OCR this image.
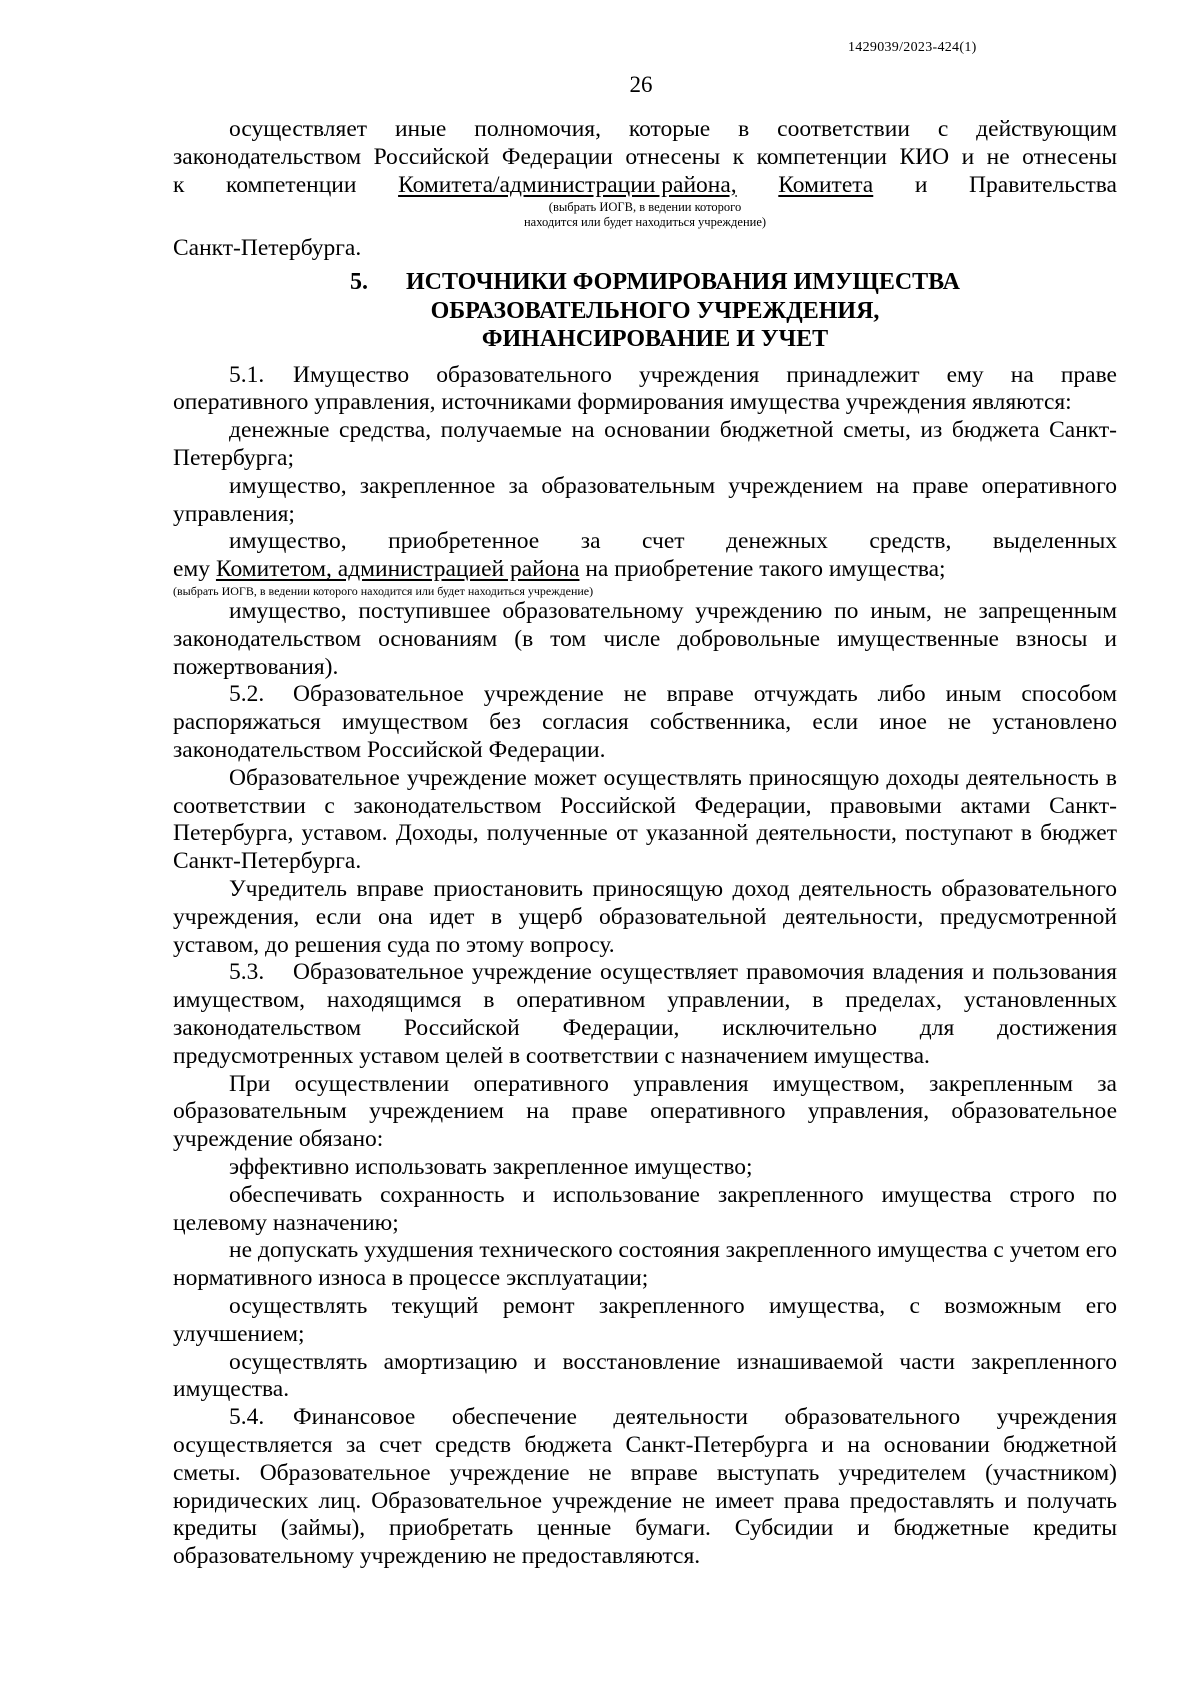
1429039/2023-424(1)
26

осуществляет иные полномочия, которые в соответствии с действующим законодательством Российской Федерации отнесены к компетенции КИО и не отнесены

к компетенции Комитета/администрации района, Комитета и Правительства
(выбрать ИОГВ, в ведении которого
находится или будет находиться учреждение)

Санкт-Петербурга.

5. ИСТОЧНИКИ ФОРМИРОВАНИЯ ИМУЩЕСТВА
ОБРАЗОВАТЕЛЬНОГО УЧРЕЖДЕНИЯ,
ФИНАНСИРОВАНИЕ И УЧЕТ

5.1. Имущество образовательного учреждения принадлежит ему на праве оперативного управления, источниками формирования имущества учреждения являются:

денежные средства, получаемые на основании бюджетной сметы, из бюджета Санкт-Петербурга;

имущество, закрепленное за образовательным учреждением на праве оперативного управления;

имущество, приобретенное за счет денежных средств, выделенных

ему Комитетом, администрацией района на приобретение такого имущества;

(выбрать ИОГВ, в ведении которого находится или будет находиться учреждение)

имущество, поступившее образовательному учреждению по иным, не запрещенным законодательством основаниям (в том числе добровольные имущественные взносы и пожертвования).

5.2. Образовательное учреждение не вправе отчуждать либо иным способом распоряжаться имуществом без согласия собственника, если иное не установлено законодательством Российской Федерации.

Образовательное учреждение может осуществлять приносящую доходы деятельность в соответствии с законодательством Российской Федерации, правовыми актами Санкт-Петербурга, уставом. Доходы, полученные от указанной деятельности, поступают в бюджет Санкт-Петербурга.

Учредитель вправе приостановить приносящую доход деятельность образовательного учреждения, если она идет в ущерб образовательной деятельности, предусмотренной уставом, до решения суда по этому вопросу.

5.3. Образовательное учреждение осуществляет правомочия владения и пользования имуществом, находящимся в оперативном управлении, в пределах, установленных законодательством Российской Федерации, исключительно для достижения предусмотренных уставом целей в соответствии с назначением имущества.

При осуществлении оперативного управления имуществом, закрепленным за образовательным учреждением на праве оперативного управления, образовательное учреждение обязано:

эффективно использовать закрепленное имущество;

обеспечивать сохранность и использование закрепленного имущества строго по целевому назначению;

не допускать ухудшения технического состояния закрепленного имущества с учетом его нормативного износа в процессе эксплуатации;

осуществлять текущий ремонт закрепленного имущества, с возможным его улучшением;

осуществлять амортизацию и восстановление изнашиваемой части закрепленного имущества.

5.4. Финансовое обеспечение деятельности образовательного учреждения осуществляется за счет средств бюджета Санкт-Петербурга и на основании бюджетной сметы. Образовательное учреждение не вправе выступать учредителем (участником) юридических лиц. Образовательное учреждение не имеет права предоставлять и получать кредиты (займы), приобретать ценные бумаги. Субсидии и бюджетные кредиты образовательному учреждению не предоставляются.
